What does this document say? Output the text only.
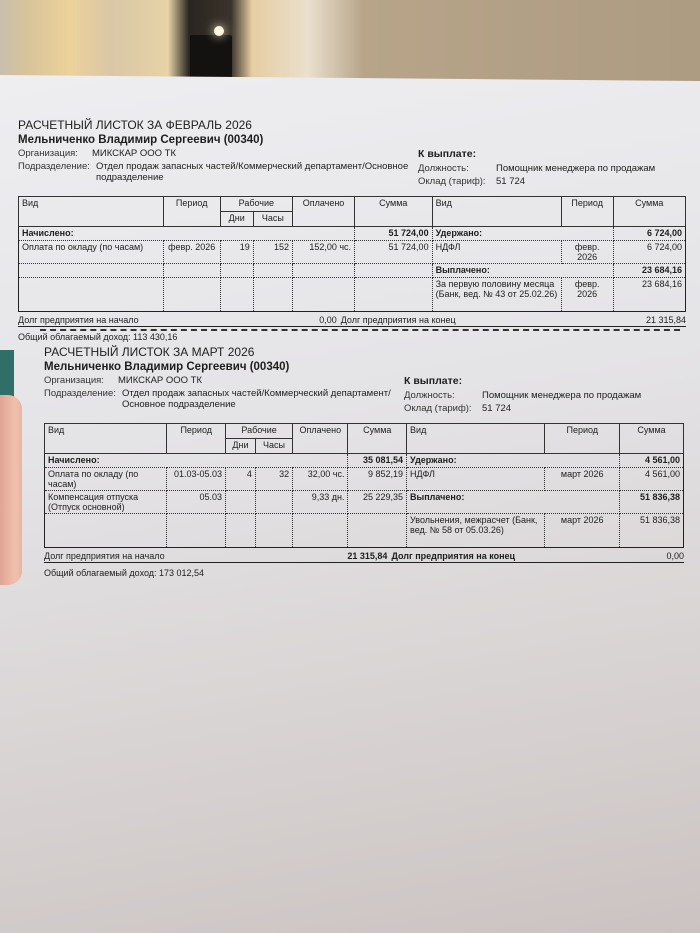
РАСЧЕТНЫЙ ЛИСТОК ЗА ФЕВРАЛЬ 2026
Мельниченко Владимир Сергеевич (00340)
Организация:	МИКСКАР ООО ТК
Подразделение: Отдел продаж запасных частей/Коммерческий департамент/Основное подразделение
К выплате:
Должность:	Помощник менеджера по продажам
Оклад (тариф):	51 724
Вид	Период	Рабочие		Оплачено	Сумма	Вид	Период	Сумма
		Дни	Часы					
Начислено:					51 724,00	Удержано:		6 724,00
Оплата по окладу (по часам)	февр. 2026	19	152	152,00 чс.	51 724,00	НДФЛ	февр. 2026	6 724,00
						Выплачено:		23 684,16
						За первую половину месяца (Банк, вед. № 43 от 25.02.26)	февр. 2026	23 684,16
Долг предприятия на начало	0,00 Долг предприятия на конец	21 315,84
Общий облагаемый доход: 113 430,16
РАСЧЕТНЫЙ ЛИСТОК ЗА МАРТ 2026
Мельниченко Владимир Сергеевич (00340)
Организация:	МИКСКАР ООО ТК
Подразделение: Отдел продаж запасных частей/Коммерческий департамент/Основное подразделение
К выплате:
Должность:	Помощник менеджера по продажам
Оклад (тариф):	51 724
Вид	Период	Рабочие		Оплачено	Сумма	Вид	Период	Сумма
		Дни	Часы					
Начислено:					35 081,54	Удержано:		4 561,00
Оплата по окладу (по часам)	01.03-05.03	4	32	32,00 чс.	9 852,19	НДФЛ	март 2026	4 561,00
Компенсация отпуска (Отпуск основной)	05.03			9,33 дн.	25 229,35	Выплачено:		51 836,38
						Увольнения, межрасчет (Банк, вед. № 58 от 05.03.26)	март 2026	51 836,38
Долг предприятия на начало	21 315,84 Долг предприятия на конец	0,00
Общий облагаемый доход: 173 012,54
